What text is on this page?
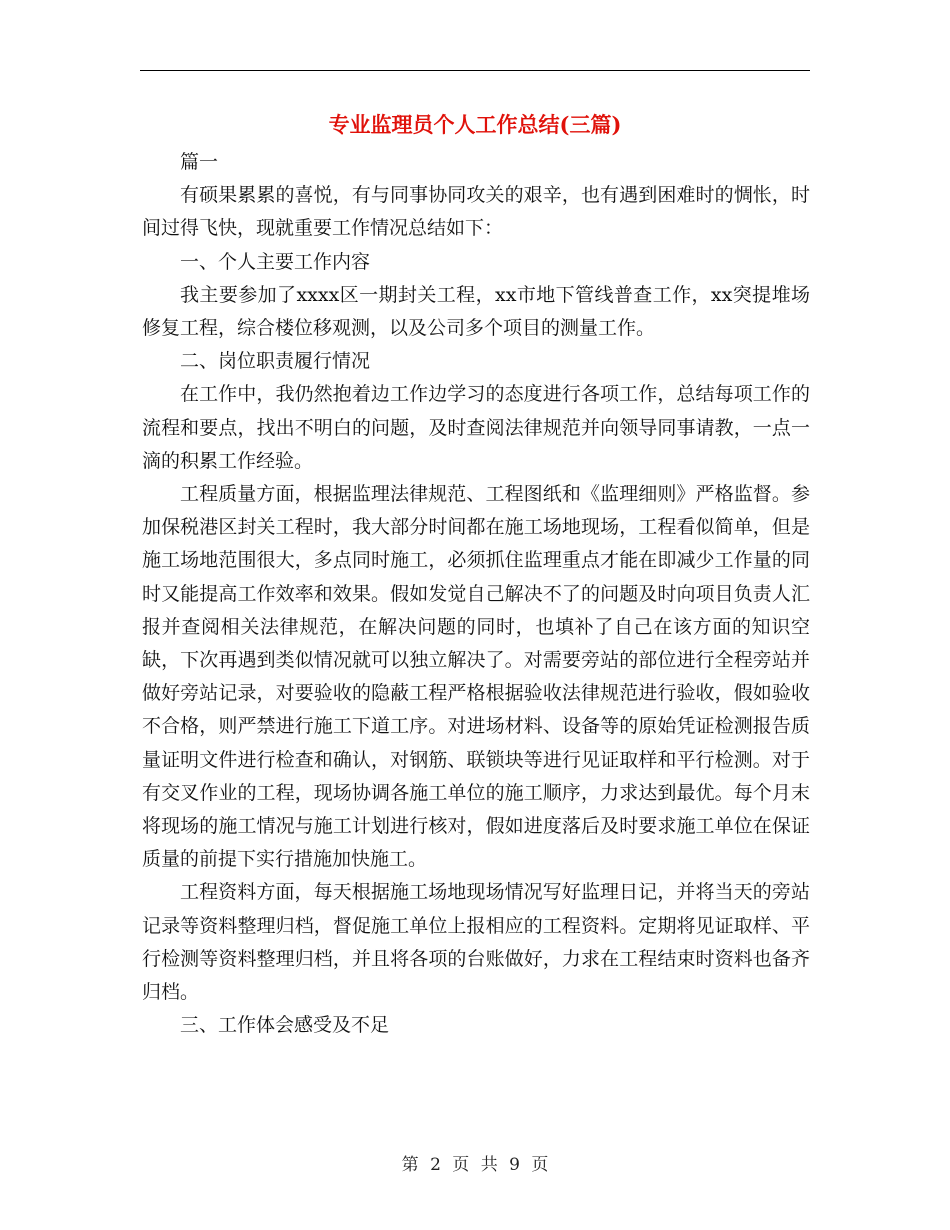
专业监理员个人工作总结(三篇)

篇一

有硕果累累的喜悦，有与同事协同攻关的艰辛，也有遇到困难时的惆怅，时间过得飞快，现就重要工作情况总结如下：

一、个人主要工作内容

我主要参加了xxxx区一期封关工程，xx市地下管线普查工作，xx突提堆场修复工程，综合楼位移观测，以及公司多个项目的测量工作。

二、岗位职责履行情况

在工作中，我仍然抱着边工作边学习的态度进行各项工作，总结每项工作的流程和要点，找出不明白的问题，及时查阅法律规范并向领导同事请教，一点一滴的积累工作经验。

工程质量方面，根据监理法律规范、工程图纸和《监理细则》严格监督。参加保税港区封关工程时，我大部分时间都在施工场地现场，工程看似简单，但是施工场地范围很大，多点同时施工，必须抓住监理重点才能在即减少工作量的同时又能提高工作效率和效果。假如发觉自己解决不了的问题及时向项目负责人汇报并查阅相关法律规范，在解决问题的同时，也填补了自己在该方面的知识空缺，下次再遇到类似情况就可以独立解决了。对需要旁站的部位进行全程旁站并做好旁站记录，对要验收的隐蔽工程严格根据验收法律规范进行验收，假如验收不合格，则严禁进行施工下道工序。对进场材料、设备等的原始凭证检测报告质量证明文件进行检查和确认，对钢筋、联锁块等进行见证取样和平行检测。对于有交叉作业的工程，现场协调各施工单位的施工顺序，力求达到最优。每个月末将现场的施工情况与施工计划进行核对，假如进度落后及时要求施工单位在保证质量的前提下实行措施加快施工。

工程资料方面，每天根据施工场地现场情况写好监理日记，并将当天的旁站记录等资料整理归档，督促施工单位上报相应的工程资料。定期将见证取样、平行检测等资料整理归档，并且将各项的台账做好，力求在工程结束时资料也备齐归档。

三、工作体会感受及不足

第 2 页 共 9 页
